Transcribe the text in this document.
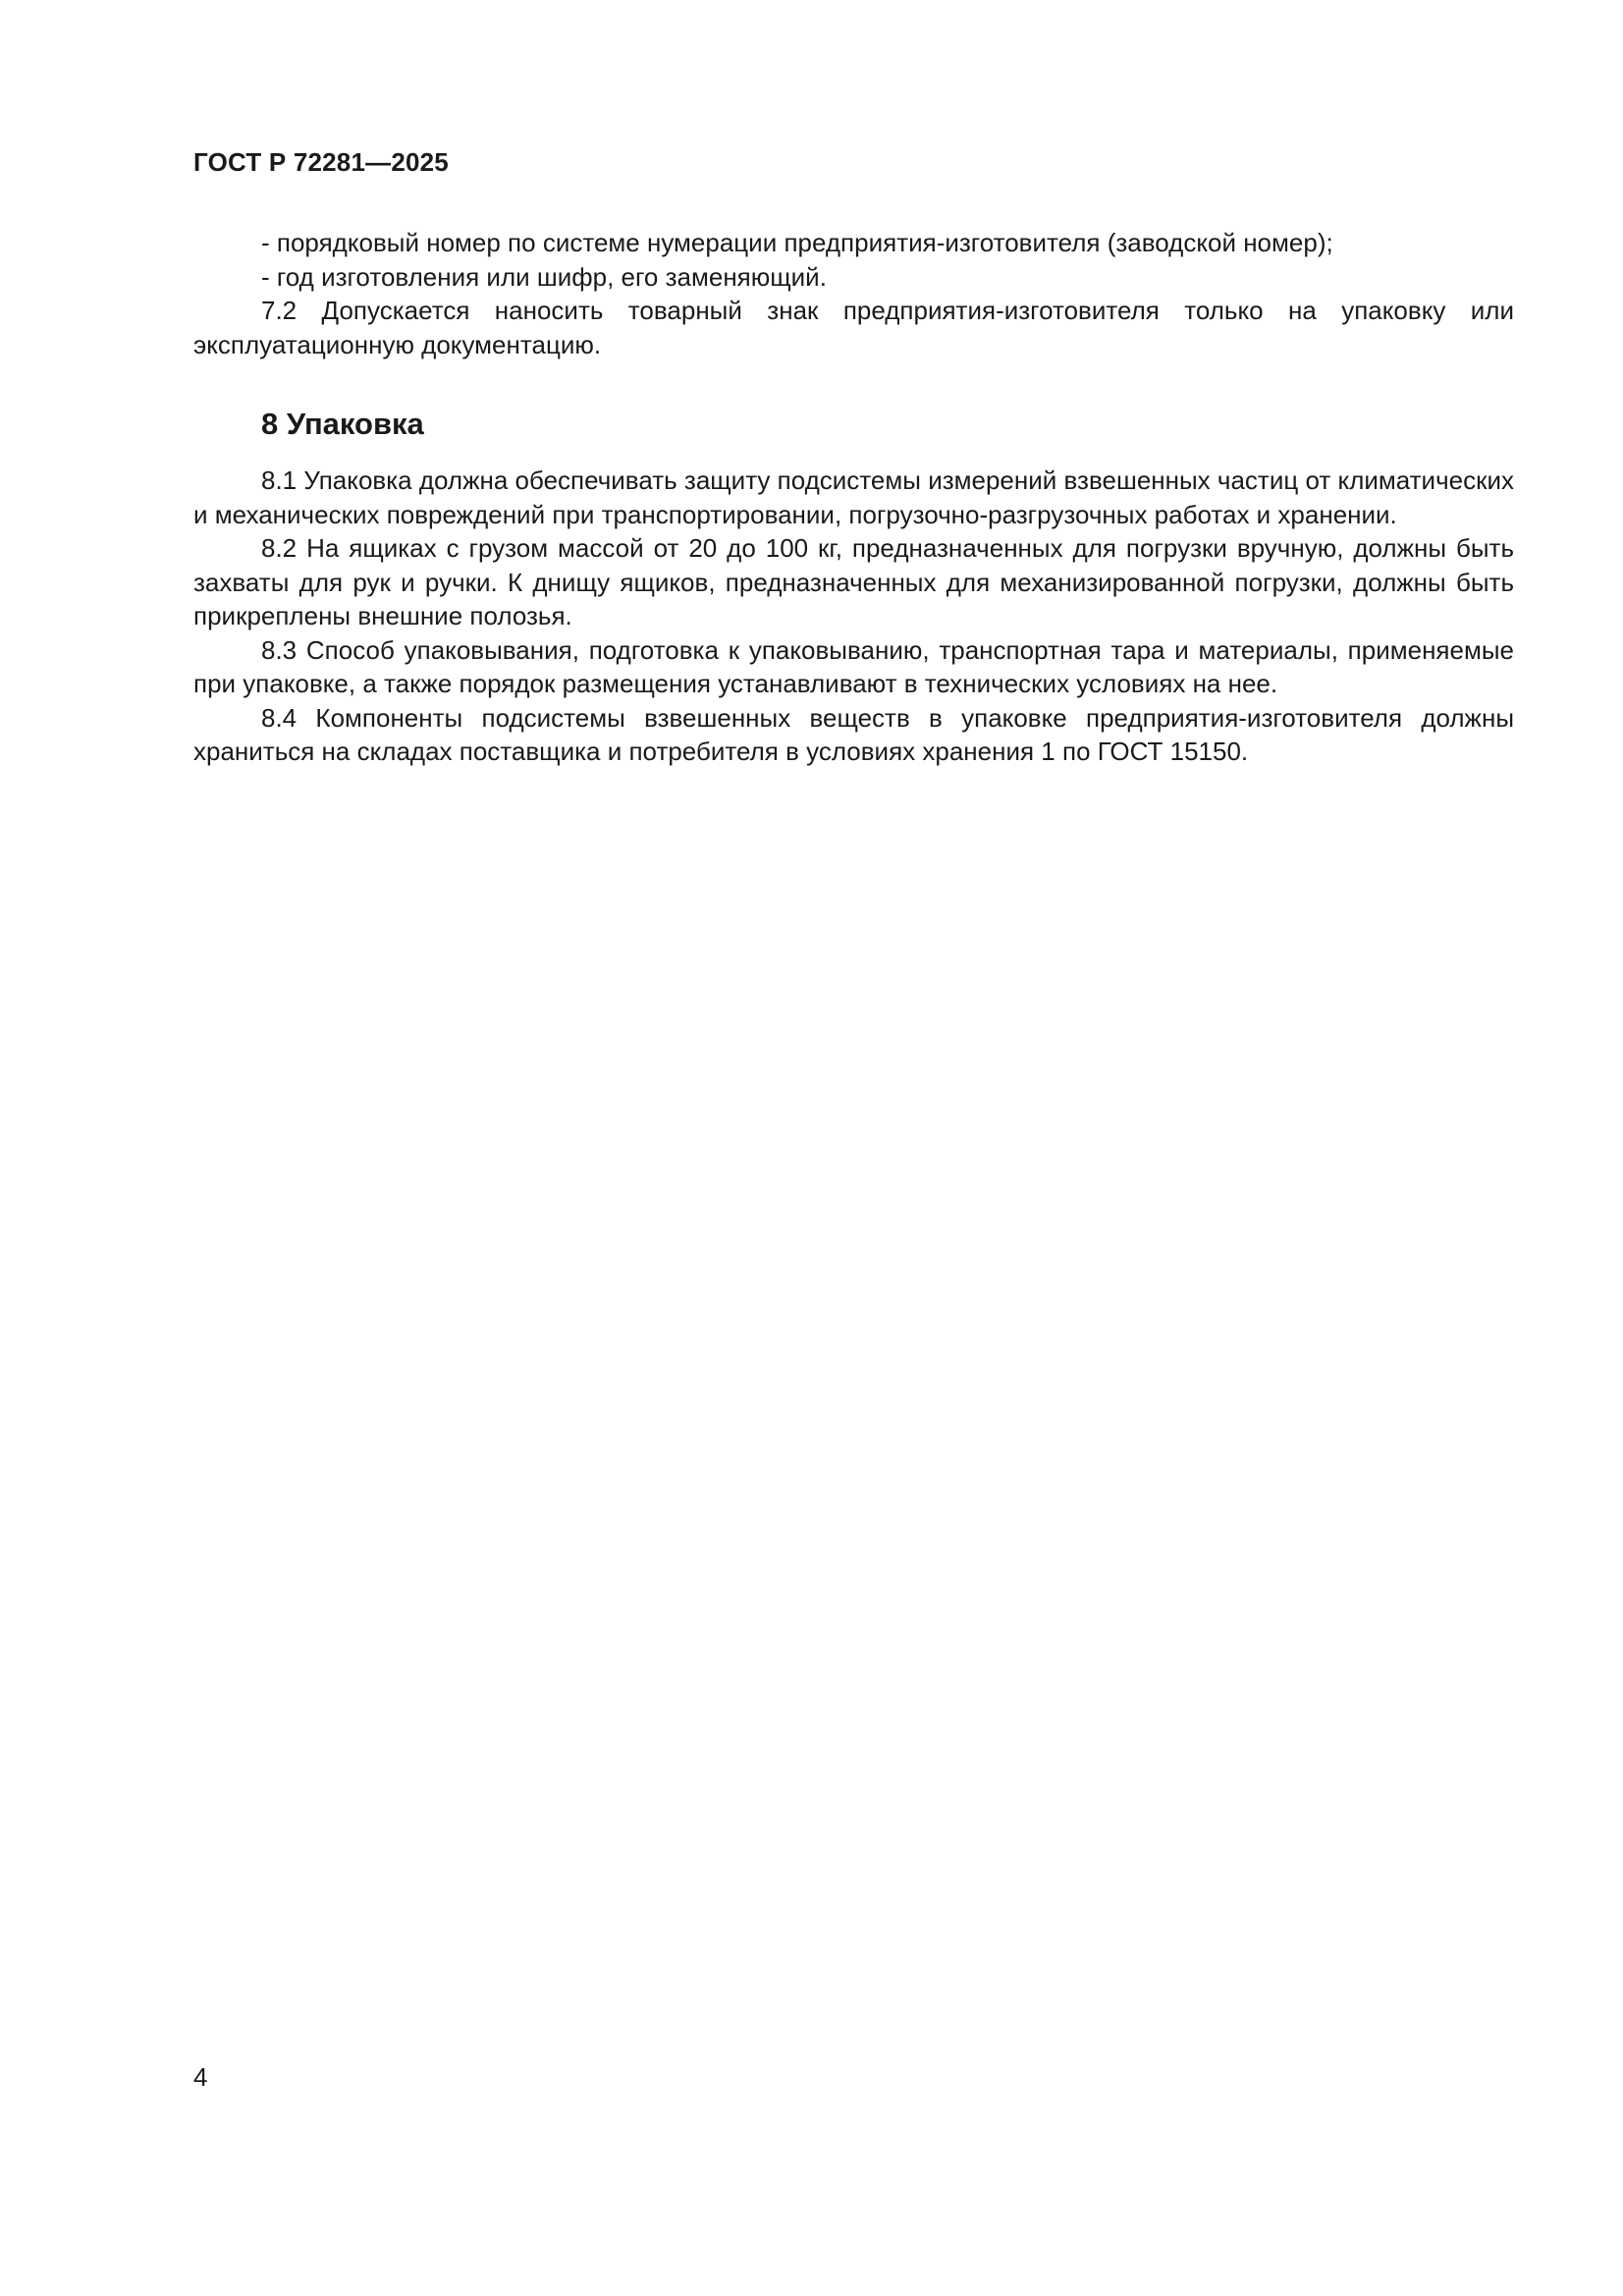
ГОСТ Р 72281—2025

- порядковый номер по системе нумерации предприятия-изготовителя (заводской номер);

- год изготовления или шифр, его заменяющий.

7.2 Допускается наносить товарный знак предприятия-изготовителя только на упаковку или эксплуатационную документацию.

8 Упаковка

8.1 Упаковка должна обеспечивать защиту подсистемы измерений взвешенных частиц от климатических и механических повреждений при транспортировании, погрузочно-разгрузочных работах и хранении.

8.2 На ящиках с грузом массой от 20 до 100 кг, предназначенных для погрузки вручную, должны быть захваты для рук и ручки. К днищу ящиков, предназначенных для механизированной погрузки, должны быть прикреплены внешние полозья.

8.3 Способ упаковывания, подготовка к упаковыванию, транспортная тара и материалы, применяемые при упаковке, а также порядок размещения устанавливают в технических условиях на нее.

8.4 Компоненты подсистемы взвешенных веществ в упаковке предприятия-изготовителя должны храниться на складах поставщика и потребителя в условиях хранения 1 по ГОСТ 15150.

4
